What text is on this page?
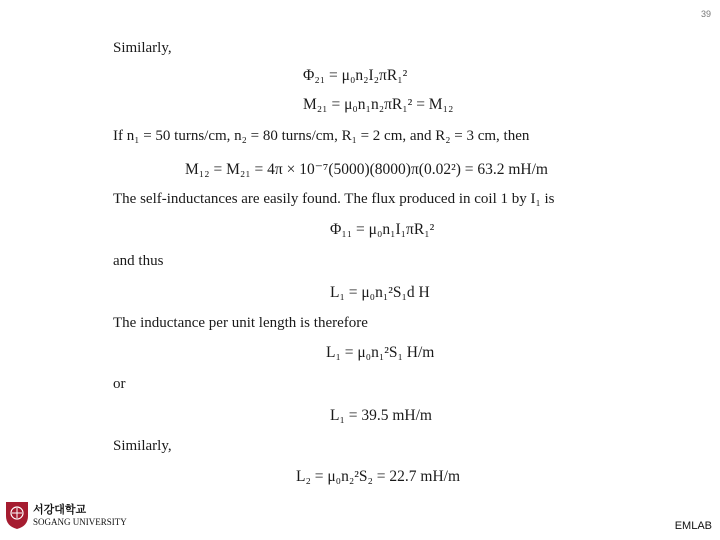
39
Similarly,
Φ₂₁ = μ₀n₂I₂πR₁²
M₂₁ = μ₀n₁n₂πR₁² = M₁₂
If n₁ = 50 turns/cm, n₂ = 80 turns/cm, R₁ = 2 cm, and R₂ = 3 cm, then
M₁₂ = M₂₁ = 4π × 10⁻⁷(5000)(8000)π(0.02²) = 63.2 mH/m
The self-inductances are easily found. The flux produced in coil 1 by I₁ is
Φ₁₁ = μ₀n₁I₁πR₁²
and thus
L₁ = μ₀n₁²S₁d H
The inductance per unit length is therefore
L₁ = μ₀n₁²S₁ H/m
or
L₁ = 39.5 mH/m
Similarly,
L₂ = μ₀n₂²S₂ = 22.7 mH/m
서강대학교
SOGANG UNIVERSITY	EMLAB
